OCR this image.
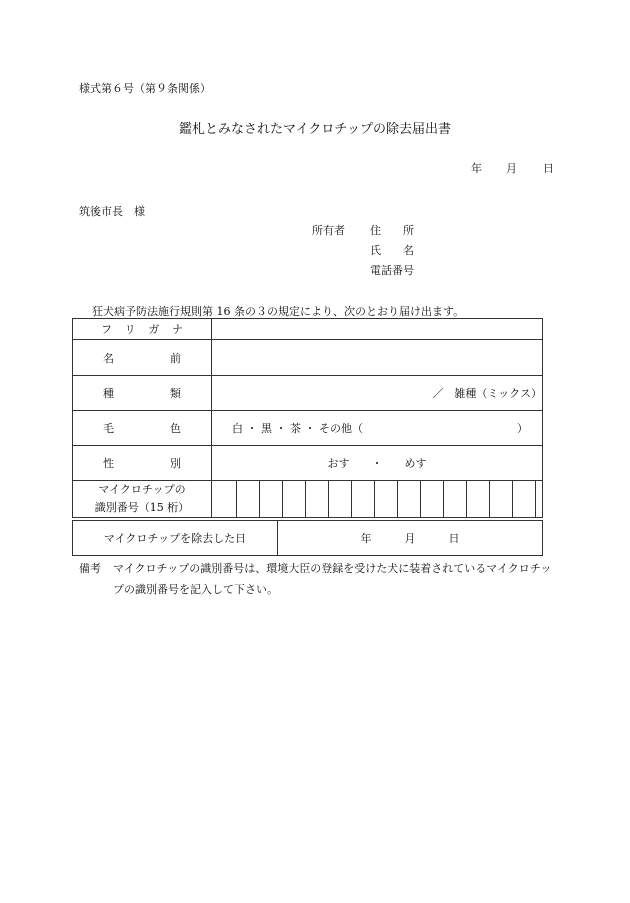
様式第６号（第９条関係）
鑑札とみなされたマイクロチップの除去届出書
年 月 日
筑後市長　様
所有者 住　　所
氏　　名
電話番号
狂犬病予防法施行規則第 16 条の３の規定により、次のとおり届け出ます。
フ リ ガ ナ	

名 前	

種 類	／　雑種（ミックス）

毛 色	白 ・ 黒 ・ 茶 ・ その他（ ）

性 別	おす　　・　　めす

マイクロチップの
識別番号（15 桁）	

マイクロチップを除去した日	年　　　月　　　日
備考 マイクロチップの識別番号は、環境大臣の登録を受けた犬に装着されているマイクロチップの識別番号を記入して下さい。
